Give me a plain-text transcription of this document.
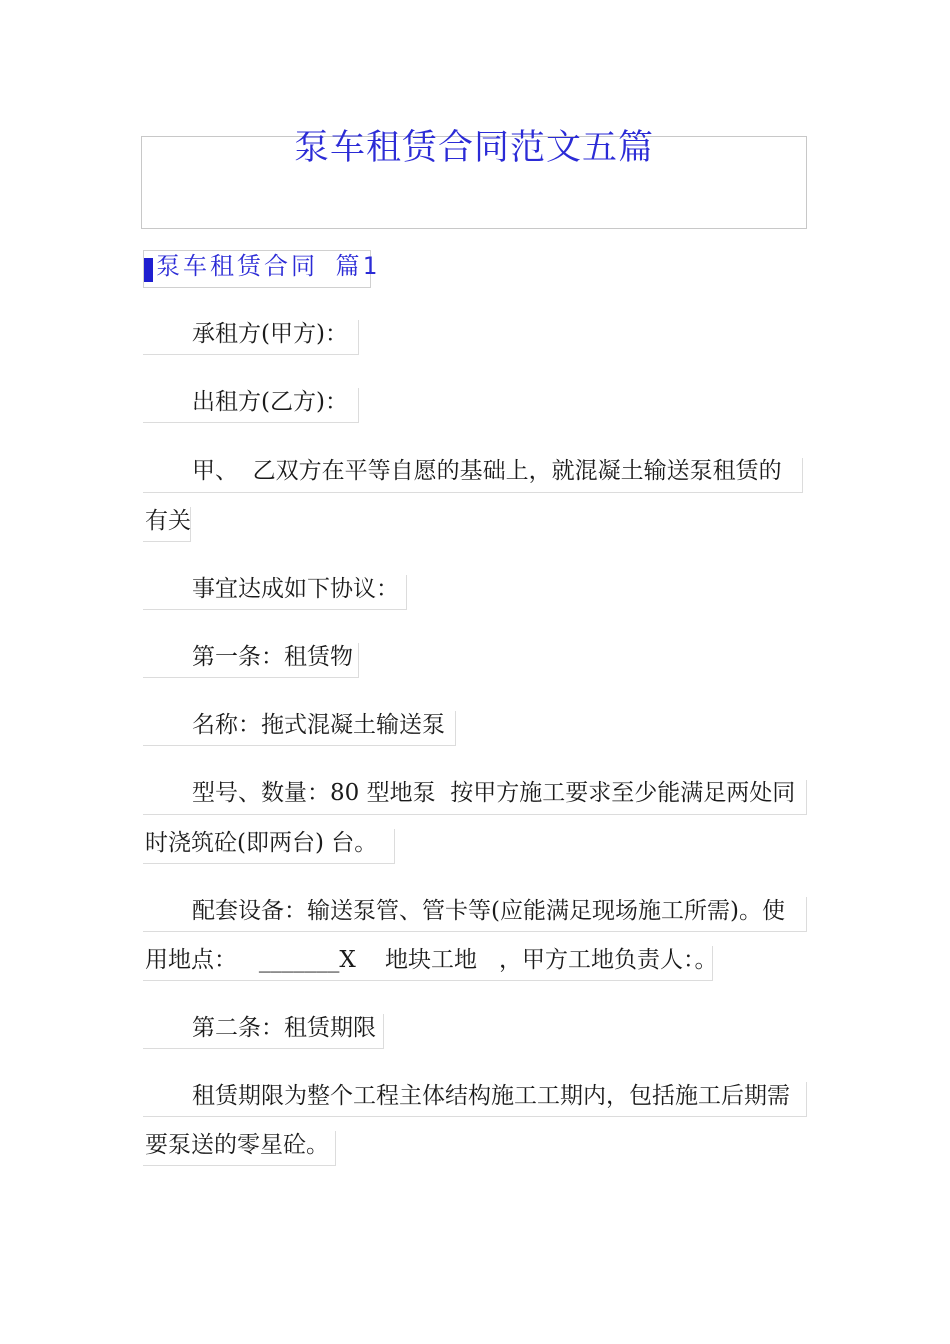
泵车租赁合同范文五篇
泵车租赁合同 篇1
承租方(甲方)：
出租方(乙方)：
甲、  乙双方在平等自愿的基础上，就混凝土输送泵租赁的
有关
事宜达成如下协议：
第一条：租赁物
名称：拖式混凝土输送泵
型号、数量：80 型地泵  按甲方施工要求至少能满足两处同
时浇筑砼(即两台) 台。
配套设备：输送泵管、管卡等(应能满足现场施工所需)。使
用地点：   _______X    地块工地   ，甲方工地负责人：。
第二条：租赁期限
租赁期限为整个工程主体结构施工工期内，包括施工后期需
要泵送的零星砼。
